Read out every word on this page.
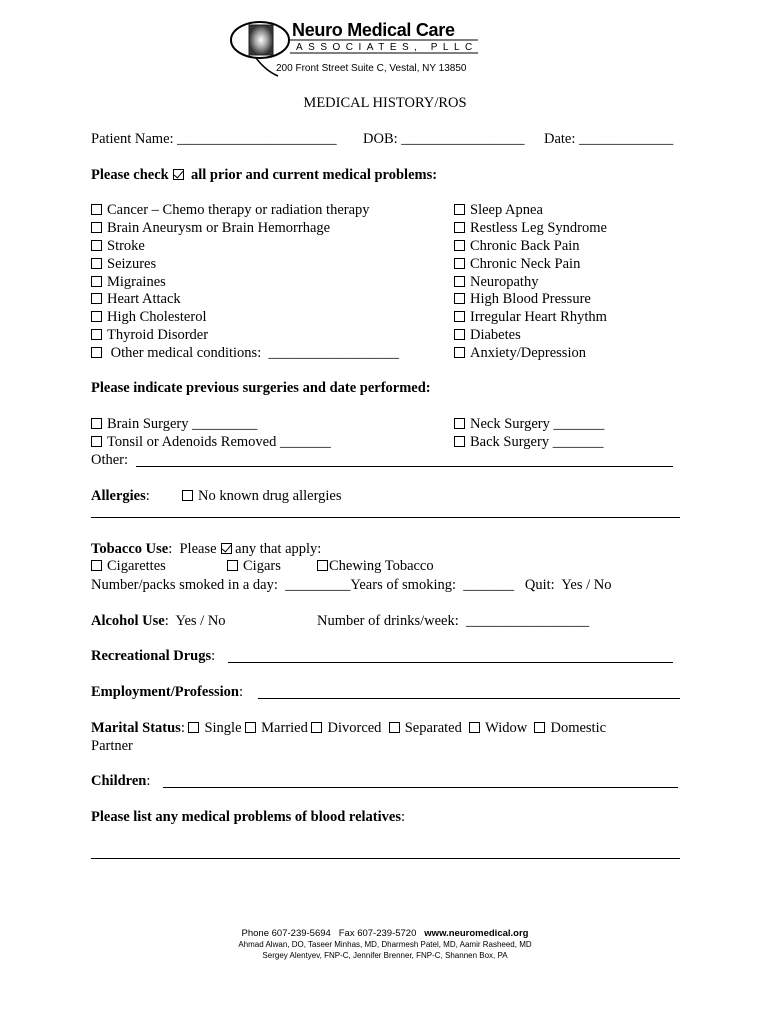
Neuro Medical Care
ASSOCIATES, PLLC
200 Front Street Suite C, Vestal, NY 13850
MEDICAL HISTORY/ROS
Patient Name: ______________________ DOB: _________________ Date: _____________
Please check all prior and current medical problems:
Cancer – Chemo therapy or radiation therapy
Brain Aneurysm or Brain Hemorrhage
Stroke
Seizures
Migraines
Heart Attack
High Cholesterol
Thyroid Disorder
Other medical conditions:  __________________
Sleep Apnea
Restless Leg Syndrome
Chronic Back Pain
Chronic Neck Pain
Neuropathy
High Blood Pressure
Irregular Heart Rhythm
Diabetes
Anxiety/Depression
Please indicate previous surgeries and date performed:
Brain Surgery _________
Tonsil or Adenoids Removed _______
Neck Surgery _______
Back Surgery _______
Other:
Allergies:	No known drug allergies
Tobacco Use:  Please any that apply:
Cigarettes	Cigars	Chewing Tobacco
Number/packs smoked in a day:  _________Years of smoking:  _______   Quit:  Yes / No
Alcohol Use:  Yes / No	Number of drinks/week:  _________________
Recreational Drugs:
Employment/Profession:
Marital Status: Single Married Divorced Separated Widow Domestic
Partner
Children:
Please list any medical problems of blood relatives:
Phone 607-239-5694 Fax 607-239-5720 www.neuromedical.org
Ahmad Alwan, DO, Taseer Minhas, MD, Dharmesh Patel, MD, Aamir Rasheed, MD
Sergey Alentyev, FNP-C, Jennifer Brenner, FNP-C, Shannen Box, PA
